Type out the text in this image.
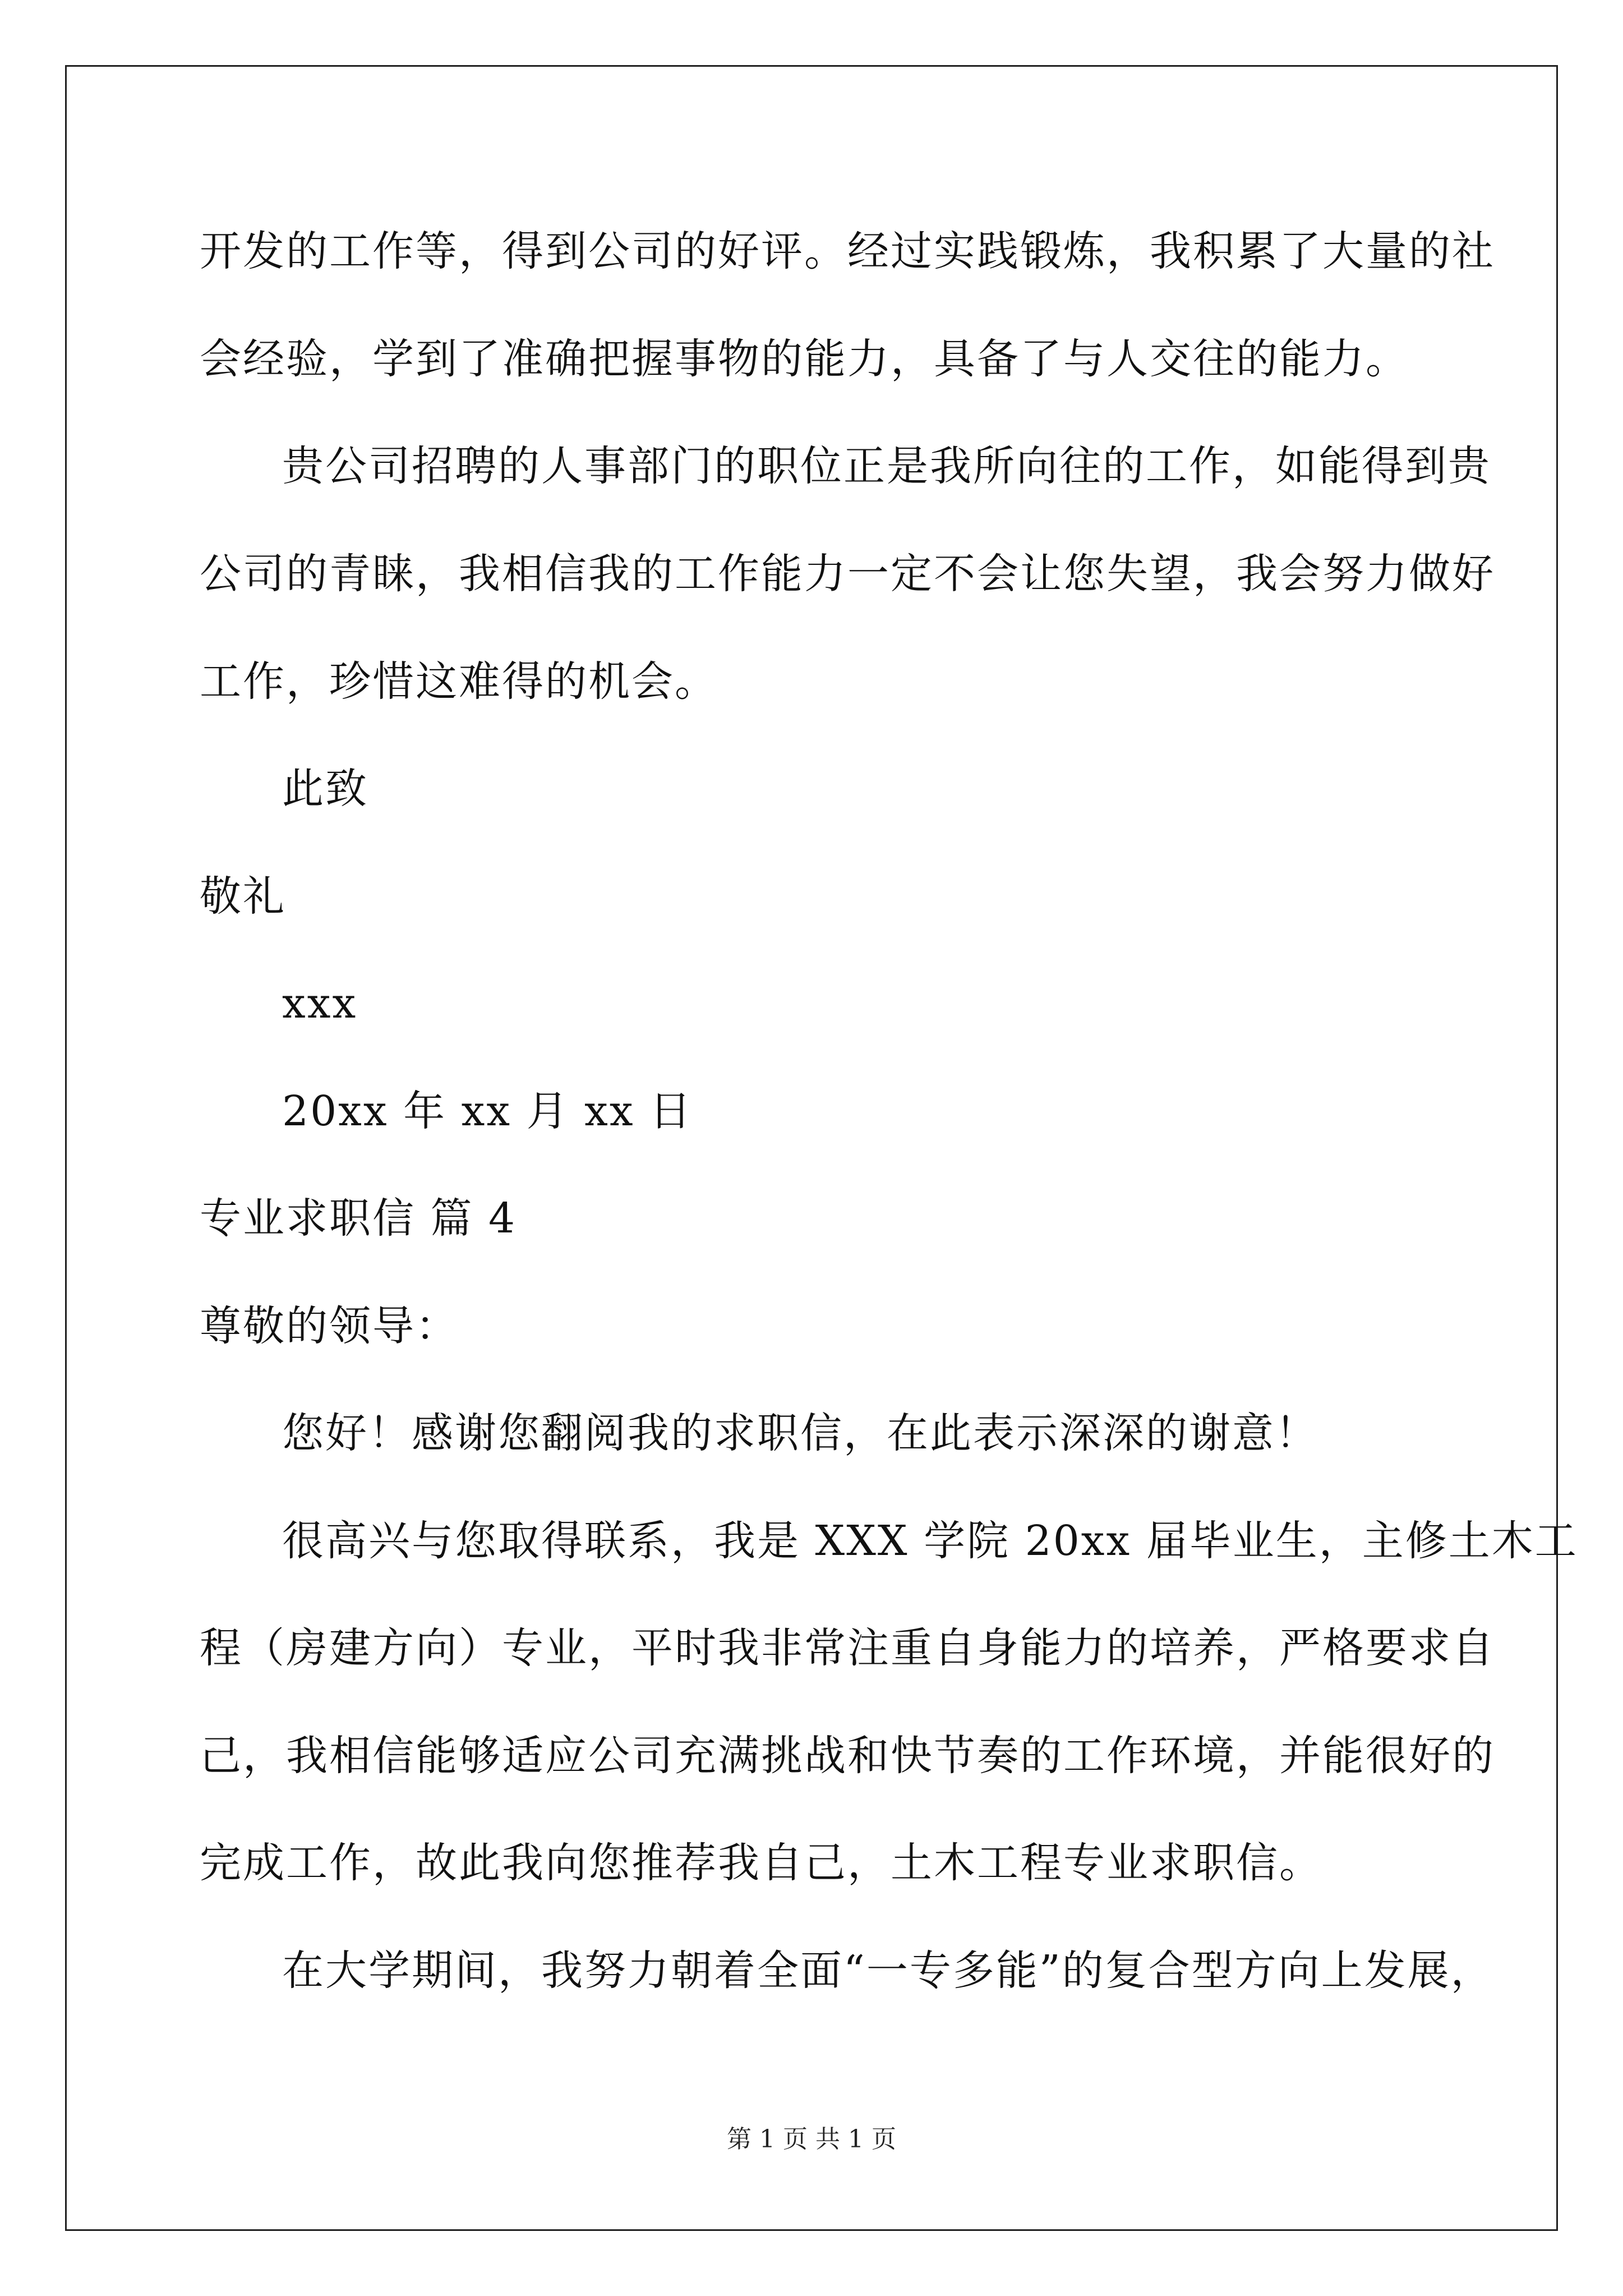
开发的工作等，得到公司的好评。经过实践锻炼，我积累了大量的社
会经验，学到了准确把握事物的能力，具备了与人交往的能力。
贵公司招聘的人事部门的职位正是我所向往的工作，如能得到贵
公司的青睐，我相信我的工作能力一定不会让您失望，我会努力做好
工作，珍惜这难得的机会。
此致
敬礼
xxx
20xx 年 xx 月 xx 日
专业求职信 篇 4
尊敬的领导：
您好！感谢您翻阅我的求职信，在此表示深深的谢意！
很高兴与您取得联系，我是 XXX 学院 20xx 届毕业生，主修土木工
程（房建方向）专业，平时我非常注重自身能力的培养，严格要求自
己，我相信能够适应公司充满挑战和快节奏的工作环境，并能很好的
完成工作，故此我向您推荐我自己，土木工程专业求职信。
在大学期间，我努力朝着全面“一专多能”的复合型方向上发展，
第 1 页 共 1 页
